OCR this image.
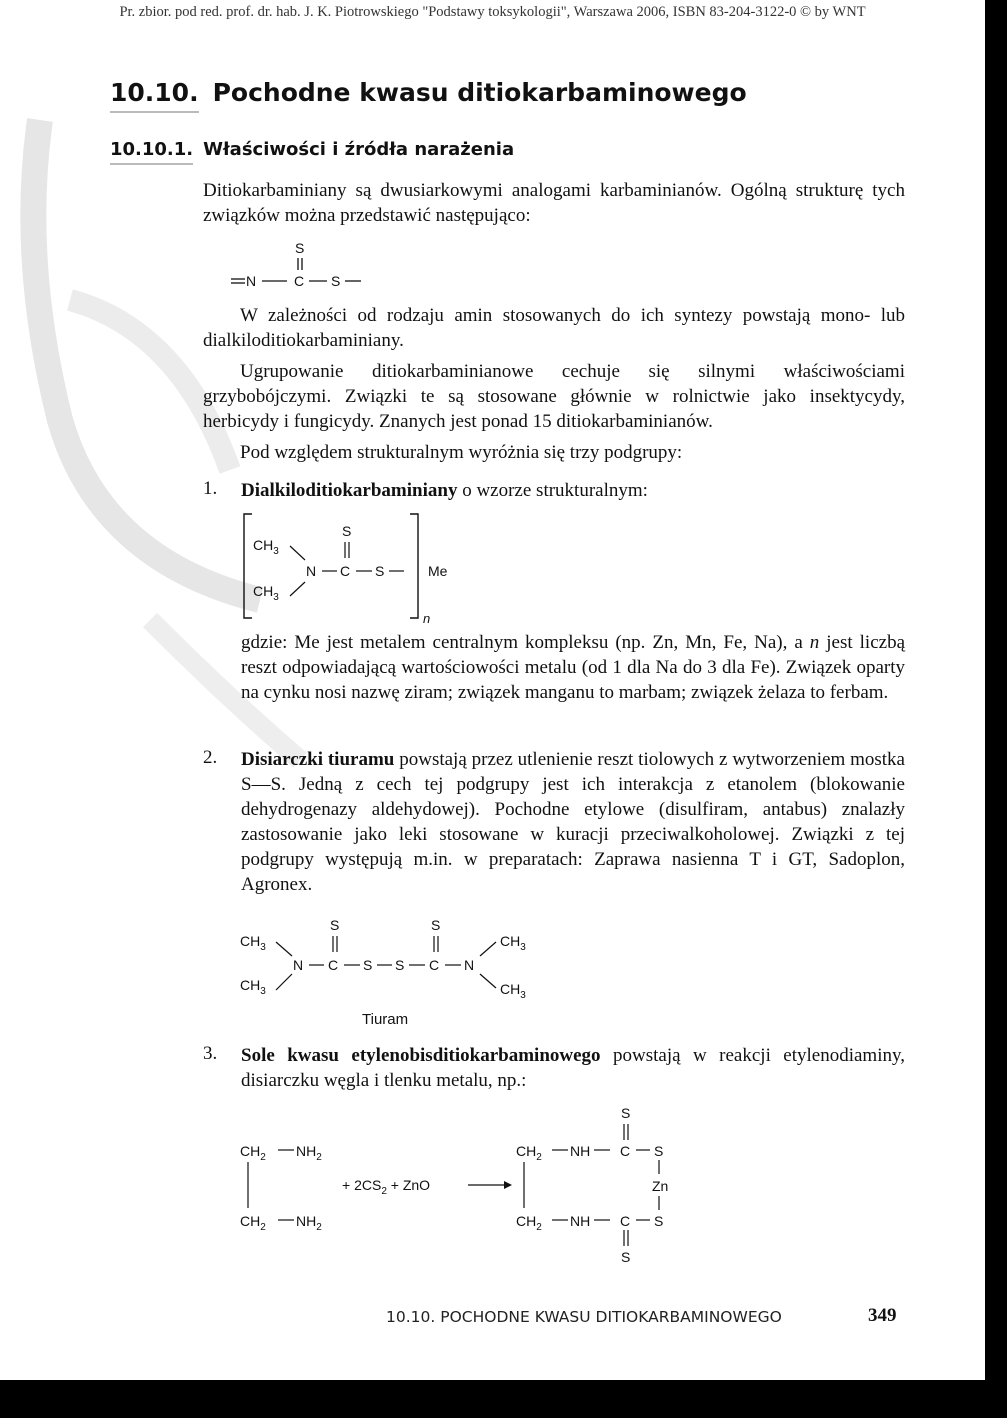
Pr. zbior. pod red. prof. dr. hab. J. K. Piotrowskiego "Podstawy toksykologii", Warszawa 2006, ISBN 83-204-3122-0 © by WNT
10.10. Pochodne kwasu ditiokarbaminowego
10.10.1. Właściwości i źródła narażenia
Ditiokarbaminiany są dwusiarkowymi analogami karbaminianów. Ogólną strukturę tych związków można przedstawić następująco:
S
N	C S
W zależności od rodzaju amin stosowanych do ich syntezy powstają mono- lub dialkiloditiokarbaminiany.
Ugrupowanie ditiokarbaminianowe cechuje się silnymi właściwościami grzybobójczymi. Związki te są stosowane głównie w rolnictwie jako insektycydy, herbicydy i fungicydy. Znanych jest ponad 15 ditiokarbaminianów.
Pod względem strukturalnym wyróżnia się trzy podgrupy:
1. Dialkiloditiokarbaminiany o wzorze strukturalnym:
$CH_3$
$CH_3$
N C
S
S	Me
n
gdzie: Me jest metalem centralnym kompleksu (np. Zn, Mn, Fe, Na), a n jest liczbą reszt odpowiadającą wartościowości metalu (od 1 dla Na do 3 dla Fe). Związek oparty na cynku nosi nazwę ziram; związek manganu to marbam; związek żelaza to ferbam.
2. Disiarczki tiuramu powstają przez utlenienie reszt tiolowych z wytworzeniem mostka S—S. Jedną z cech tej podgrupy jest ich interakcja z etanolem (blokowanie dehydrogenazy aldehydowej). Pochodne etylowe (disulfiram, antabus) znalazły zastosowanie jako leki stosowane w kuracji przeciwalkoholowej. Związki z tej podgrupy występują m.in. w preparatach: Zaprawa nasienna T i GT, Sadoplon, Agronex.
$CH_3$
$CH_3$
N C
S
S S C
S
N
$CH_3$
$CH_3$
Tiuram
3. Sole kwasu etylenobisditiokarbaminowego powstają w reakcji etylenodiaminy, disiarczku węgla i tlenku metalu, np.:
$CH_2$ $NH_2$
$CH_2$ $NH_2$
+ $2CS_2$ + ZnO
$CH_2$ NH C
S
S
Zn
$CH_2$ NH C S
S
10.10. POCHODNE KWASU DITIOKARBAMINOWEGO	349
